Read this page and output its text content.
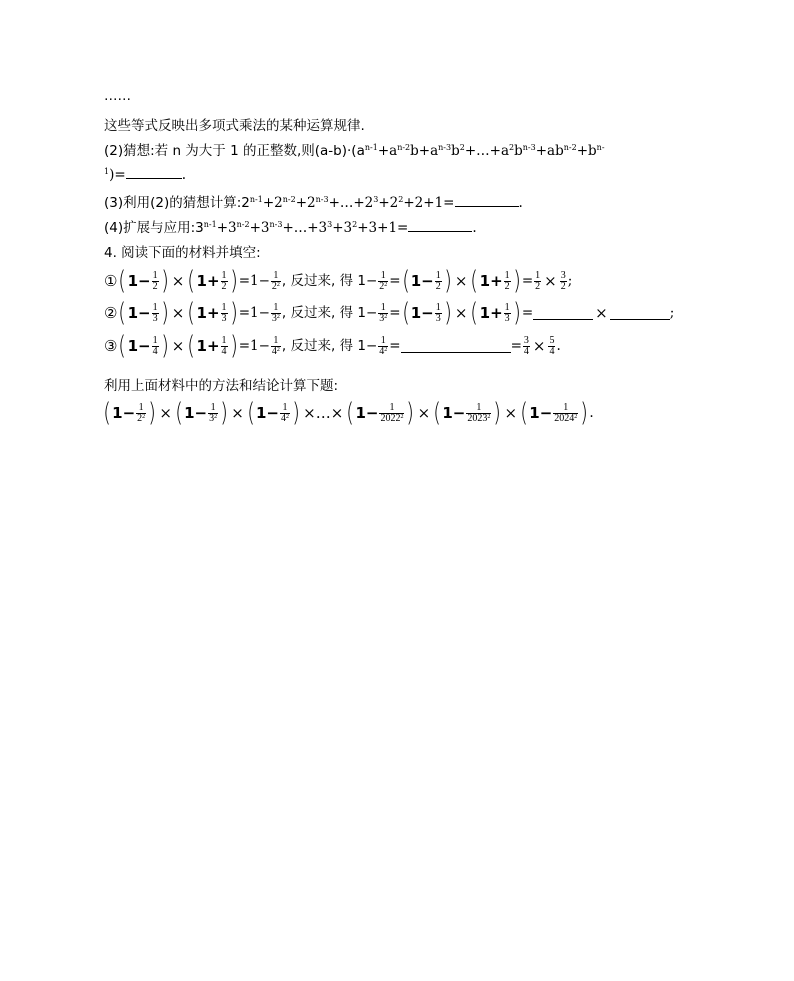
……
这些等式反映出多项式乘法的某种运算规律.
(2)猜想:若 n 为大于 1 的正整数,则$(a-b)\cdot(a^{n-1}+a^{n-2}b+a^{n-3}b^2+\dots+a^2b^{n-3}+ab^{n-2}+b^{n-}$
$^1$)=	.
(3)利用(2)的猜想计算$:2^{n-1}+2^{n-2}+2^{n-3}+\dots+2^3+2^2+2+1=$	.
(4)扩展与应用$:3^{n-1}+3^{n-2}+3^{n-3}+\dots+3^3+3^2+3+1=$	.
4. 阅读下面的材料并填空:
① ( $1 - \frac{1}{2}$ ) × ( $1 + \frac{1}{2}$ ) $=1- \frac{1}{2^2}$ , 反过来, 得 $1- \frac{1}{2^2}$ = ( $1 - \frac{1}{2}$ ) × ( $1 + \frac{1}{2}$ ) = $\frac{1}{2} \times \frac{3}{2}$ ;
② ( $1 - \frac{1}{3}$ ) × ( $1 + \frac{1}{3}$ ) $=1- \frac{1}{3^2}$ , 反过来, 得 $1- \frac{1}{3^2}$ = ( $1 - \frac{1}{3}$ ) × ( $1 + \frac{1}{3}$ ) =	×	;
③ ( $1 - \frac{1}{4}$ ) × ( $1 + \frac{1}{4}$ ) $=1- \frac{1}{4^2}$ , 反过来, 得 $1- \frac{1}{4^2}$ =	= $\frac{3}{4} \times \frac{5}{4}$ .
利用上面材料中的方法和结论计算下题:
( $1 - \frac{1}{2^2}$ ) × ( $1 - \frac{1}{3^2}$ ) × ( $1 - \frac{1}{4^2}$ ) ×…× ( $1 - \frac{1}{2022^2}$ ) × ( $1 - \frac{1}{2023^2}$ ) × ( $1 - \frac{1}{2024^2}$ ) .
